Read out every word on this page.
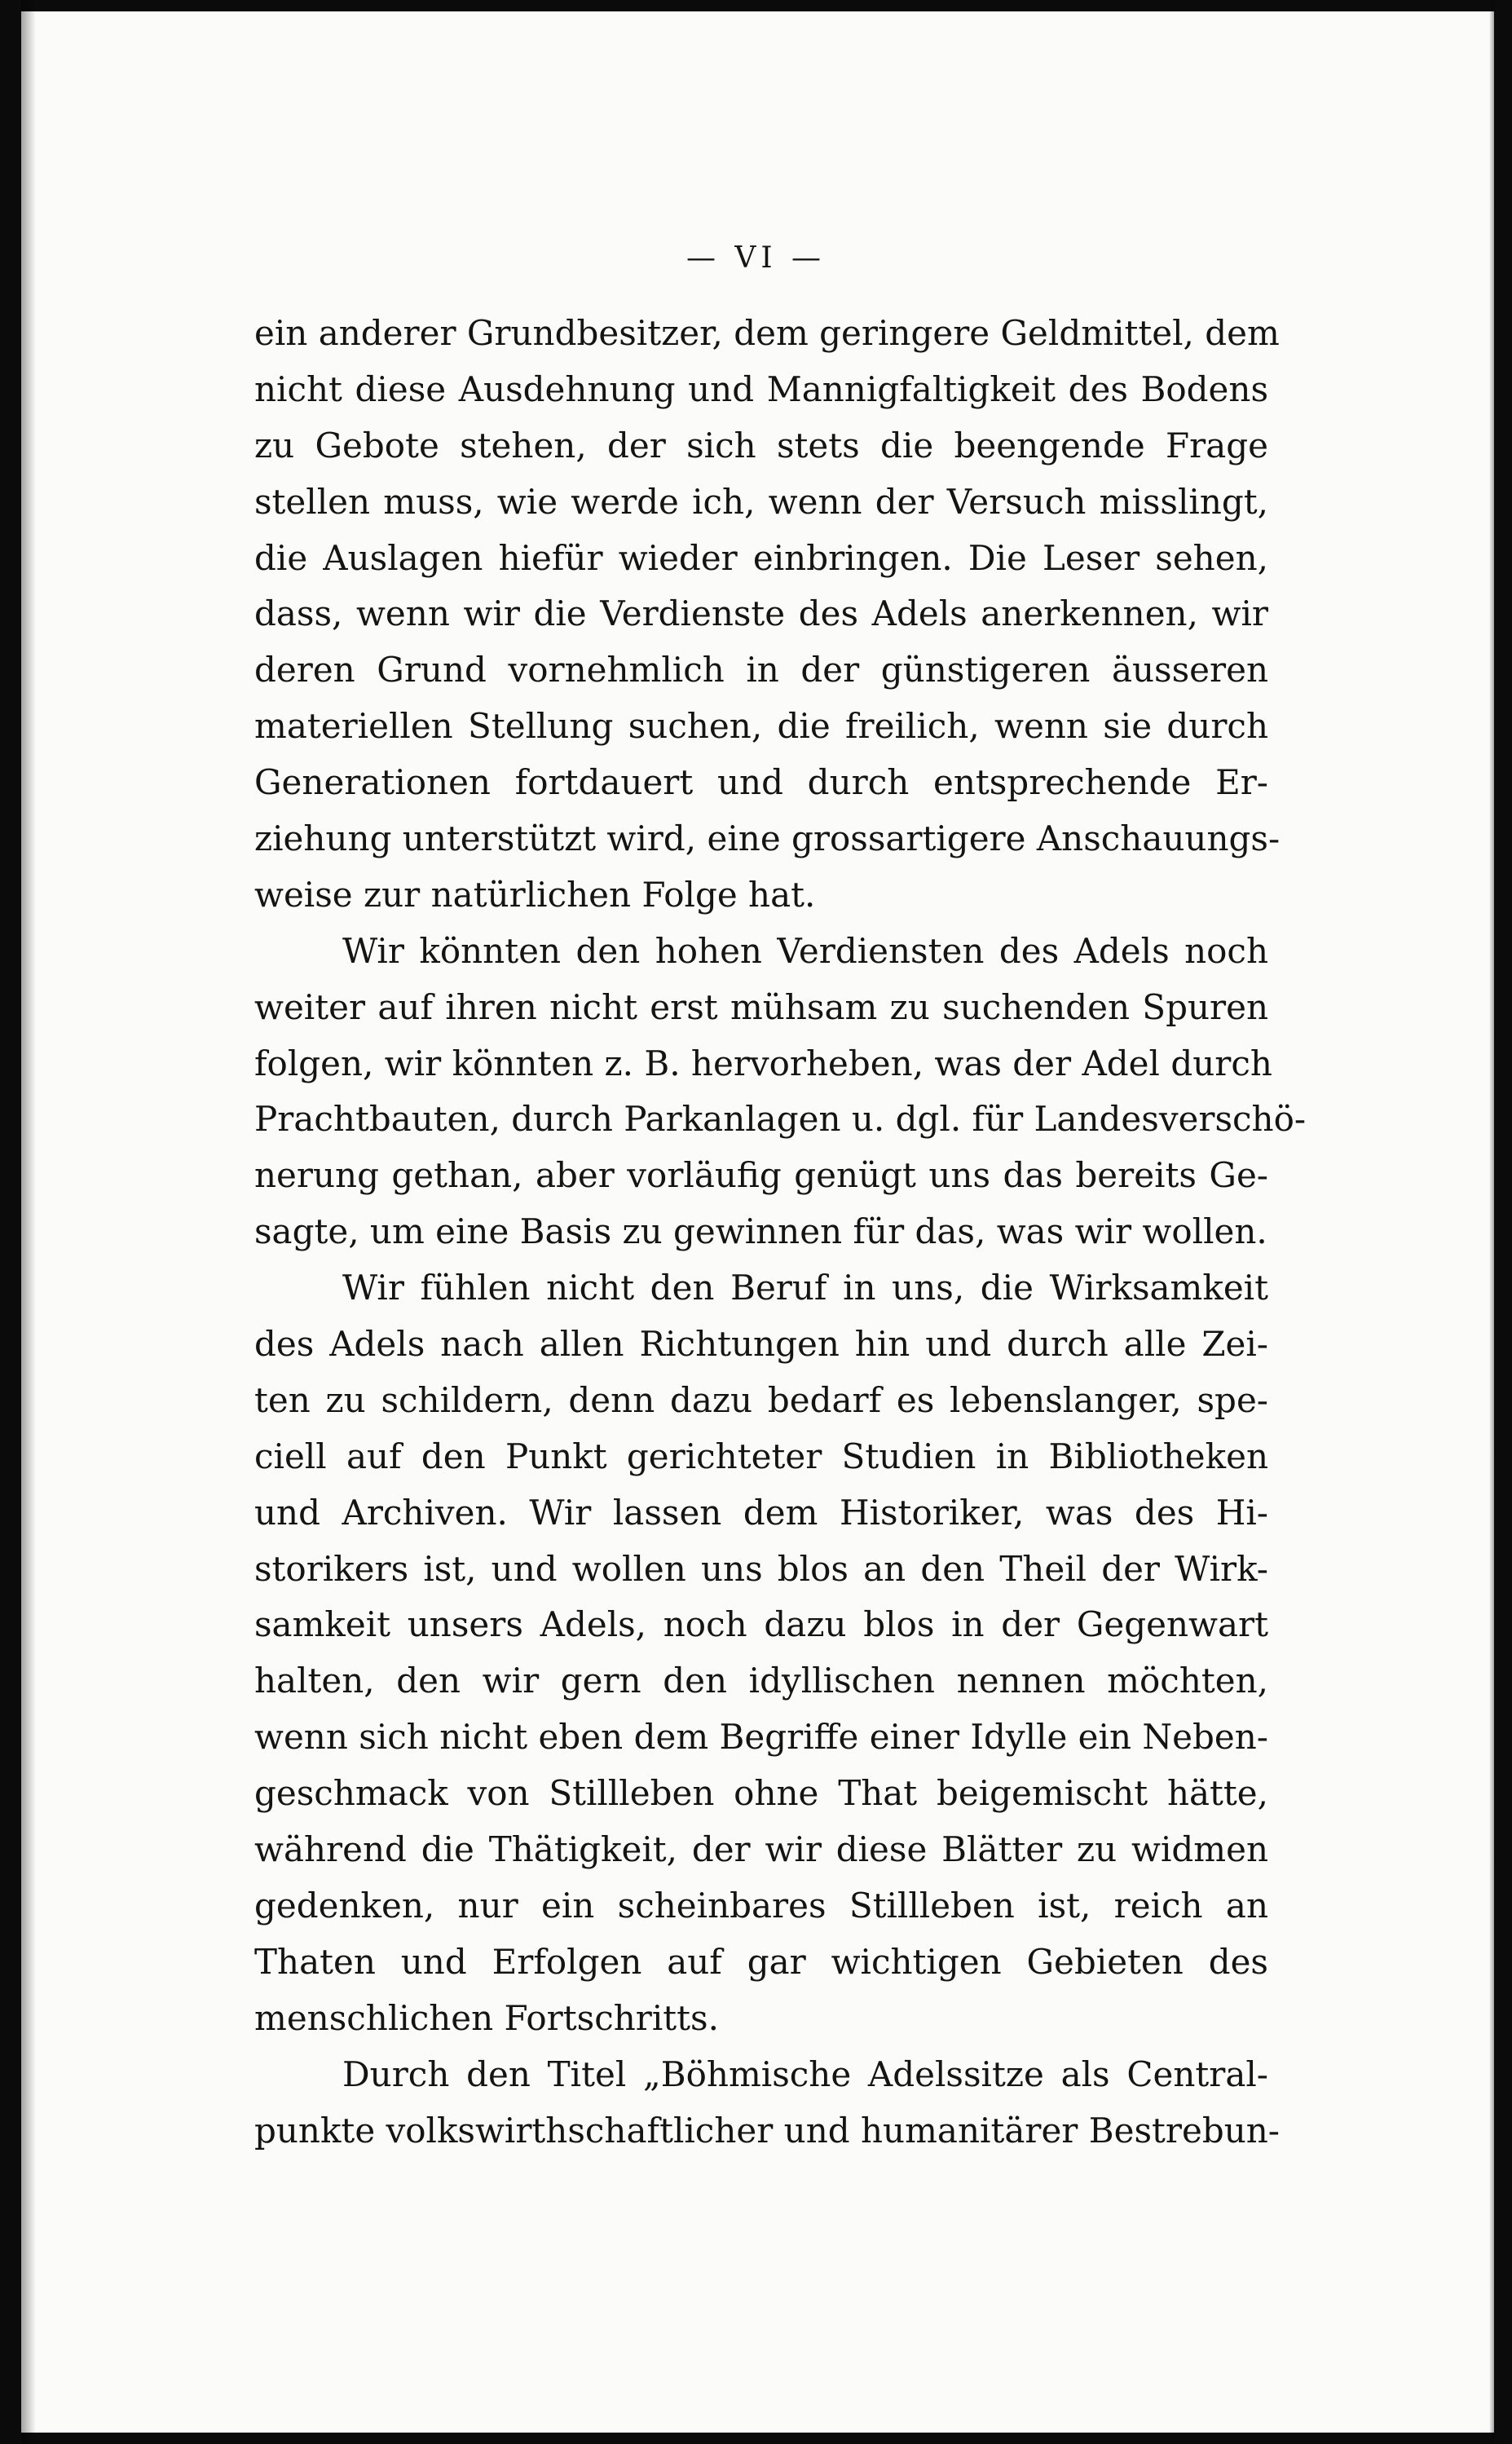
— VI —
ein anderer Grundbesitzer, dem geringere Geldmittel, dem
nicht diese Ausdehnung und Mannigfaltigkeit des Bodens
zu Gebote stehen, der sich stets die beengende Frage
stellen muss, wie werde ich, wenn der Versuch misslingt,
die Auslagen hiefür wieder einbringen. Die Leser sehen,
dass, wenn wir die Verdienste des Adels anerkennen, wir
deren Grund vornehmlich in der günstigeren äusseren
materiellen Stellung suchen, die freilich, wenn sie durch
Generationen fortdauert und durch entsprechende Er-
ziehung unterstützt wird, eine grossartigere Anschauungs-
weise zur natürlichen Folge hat.
Wir könnten den hohen Verdiensten des Adels noch
weiter auf ihren nicht erst mühsam zu suchenden Spuren
folgen, wir könnten z. B. hervorheben, was der Adel durch
Prachtbauten, durch Parkanlagen u. dgl. für Landesverschö-
nerung gethan, aber vorläufig genügt uns das bereits Ge-
sagte, um eine Basis zu gewinnen für das, was wir wollen.
Wir fühlen nicht den Beruf in uns, die Wirksamkeit
des Adels nach allen Richtungen hin und durch alle Zei-
ten zu schildern, denn dazu bedarf es lebenslanger, spe-
ciell auf den Punkt gerichteter Studien in Bibliotheken
und Archiven. Wir lassen dem Historiker, was des Hi-
storikers ist, und wollen uns blos an den Theil der Wirk-
samkeit unsers Adels, noch dazu blos in der Gegenwart
halten, den wir gern den idyllischen nennen möchten,
wenn sich nicht eben dem Begriffe einer Idylle ein Neben-
geschmack von Stillleben ohne That beigemischt hätte,
während die Thätigkeit, der wir diese Blätter zu widmen
gedenken, nur ein scheinbares Stillleben ist, reich an
Thaten und Erfolgen auf gar wichtigen Gebieten des
menschlichen Fortschritts.
Durch den Titel „Böhmische Adelssitze als Central-
punkte volkswirthschaftlicher und humanitärer Bestrebun-
